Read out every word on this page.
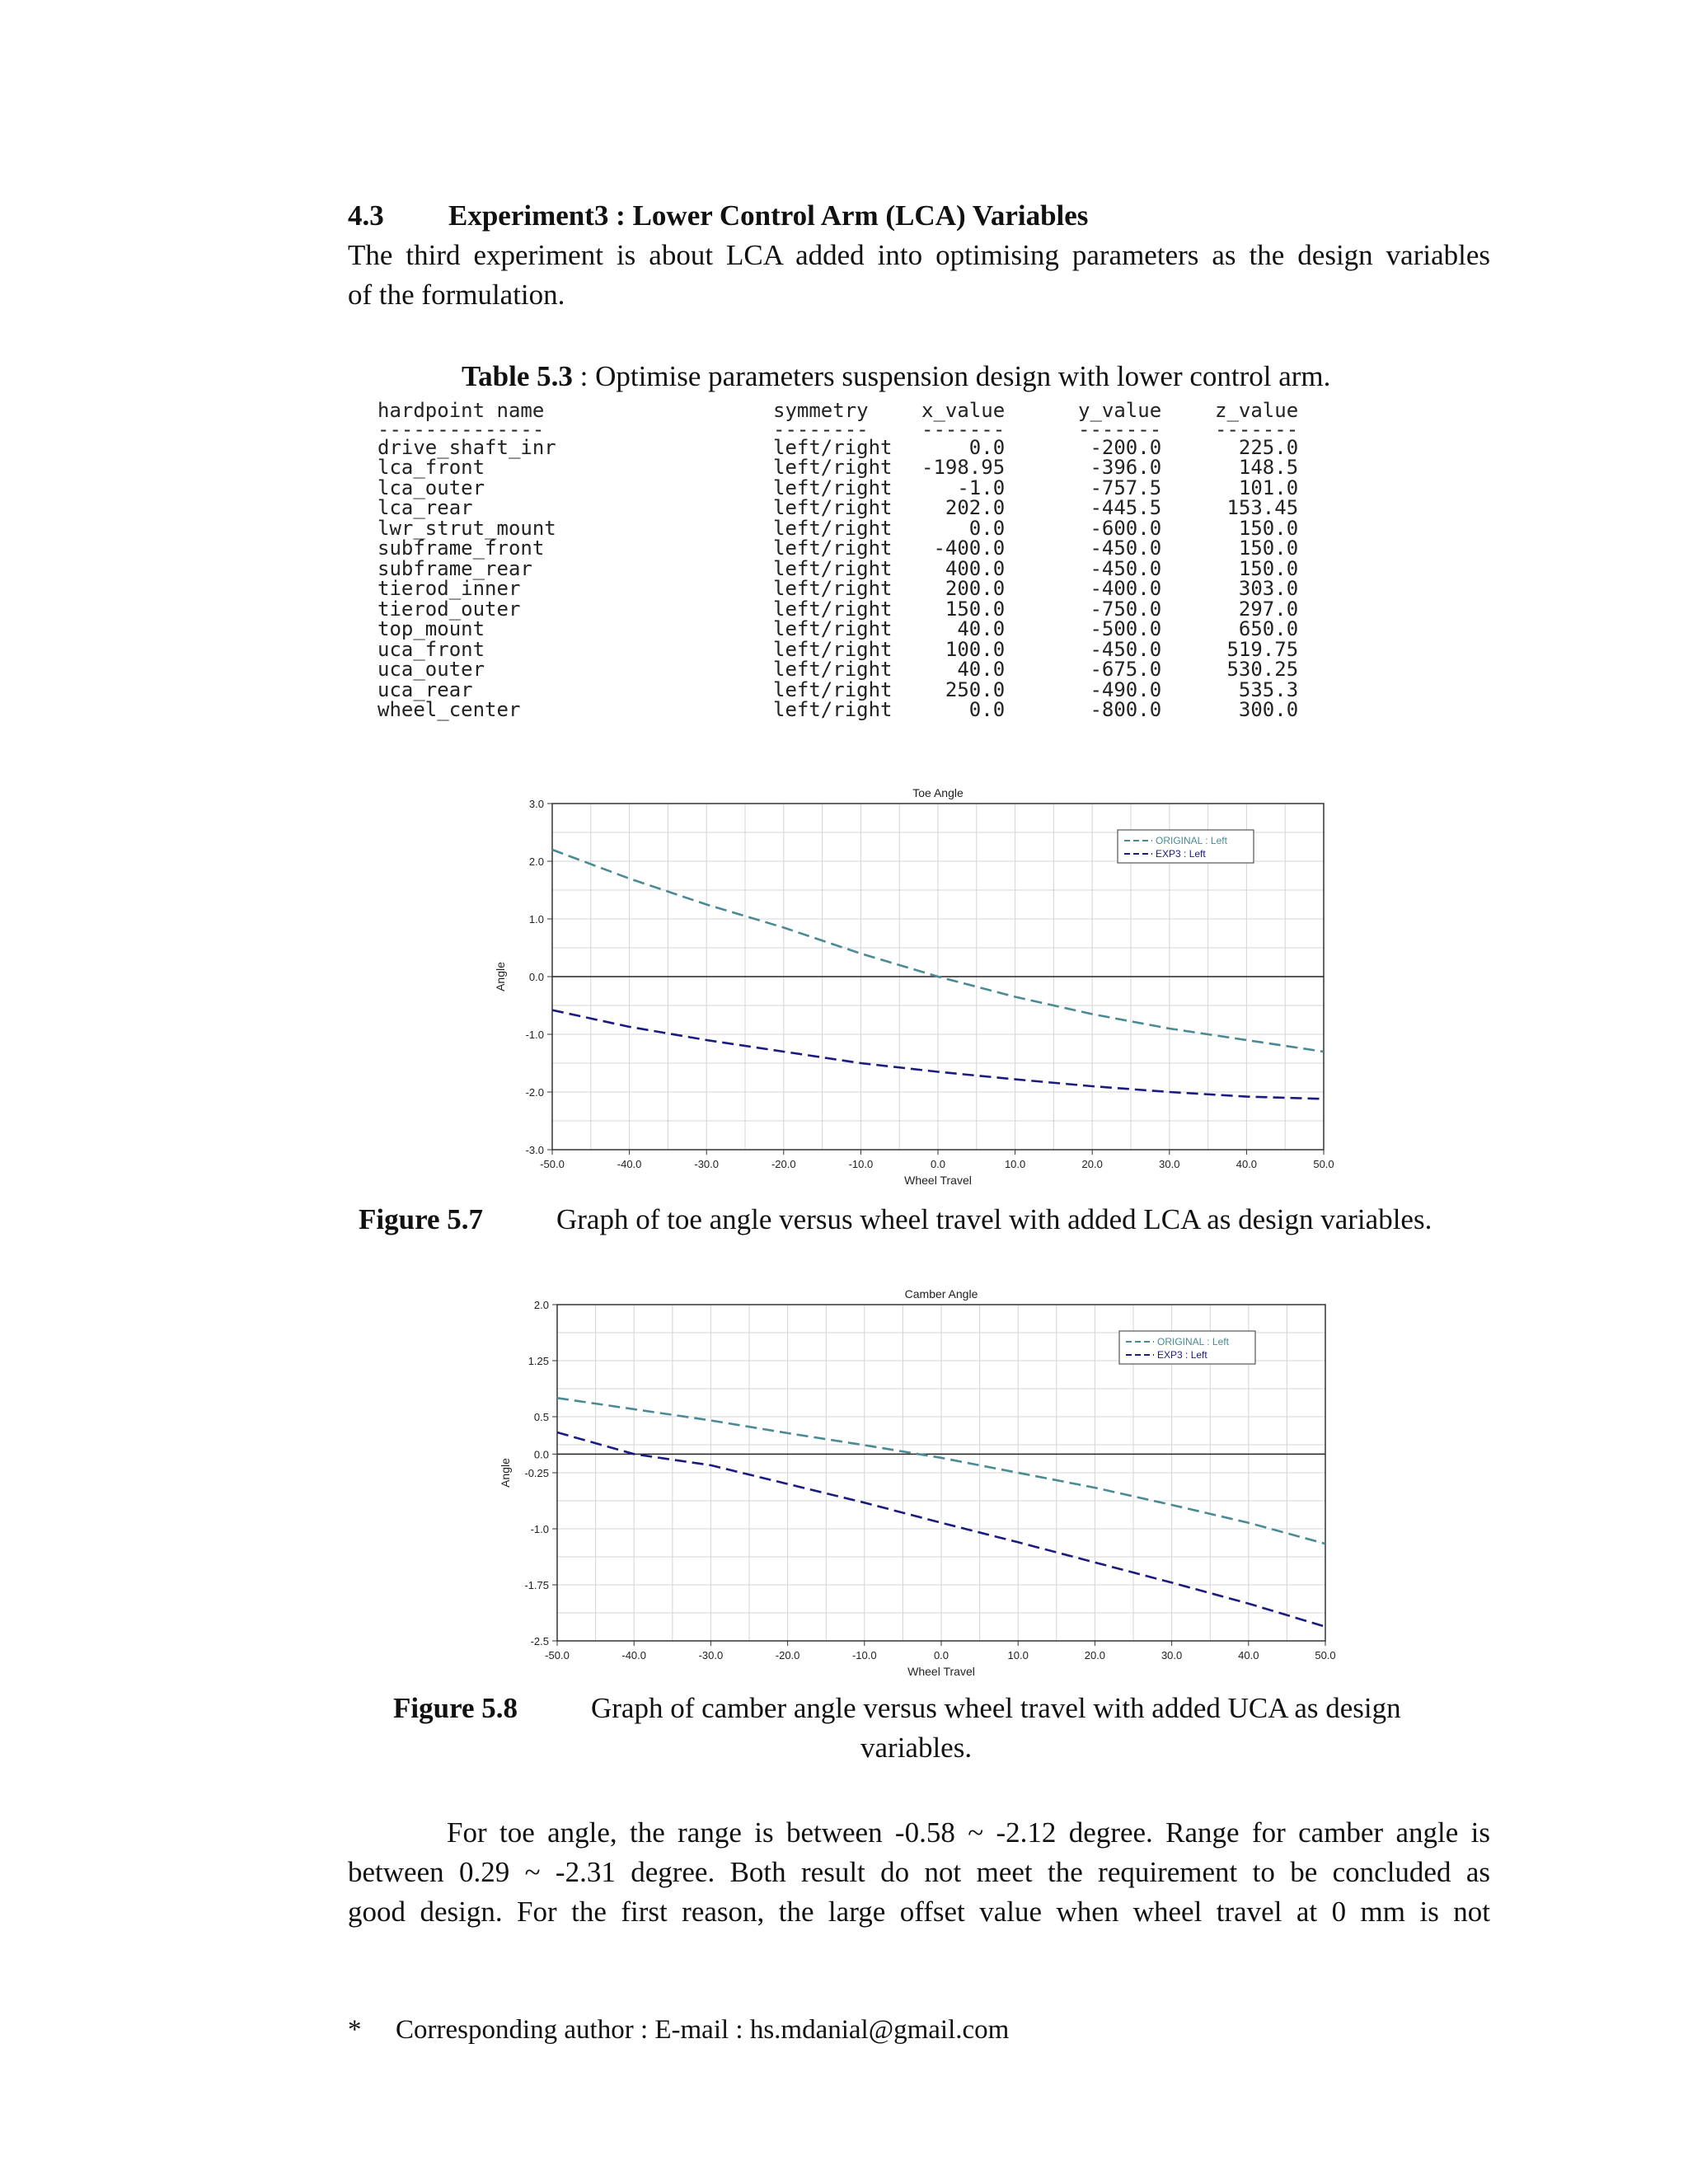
4.3 Experiment3 : Lower Control Arm (LCA) Variables
The third experiment is about LCA added into optimising parameters as the design variables
of the formulation.
Table 5.3 : Optimise parameters suspension design with lower control arm.
hardpoint name	symmetry	x_value	y_value	z_value
--------------	--------	-------	-------	-------
drive_shaft_inr	left/right	0.0	-200.0	225.0
lca_front	left/right	-198.95	-396.0	148.5
lca_outer	left/right	-1.0	-757.5	101.0
lca_rear	left/right	202.0	-445.5	153.45
lwr_strut_mount	left/right	0.0	-600.0	150.0
subframe_front	left/right	-400.0	-450.0	150.0
subframe_rear	left/right	400.0	-450.0	150.0
tierod_inner	left/right	200.0	-400.0	303.0
tierod_outer	left/right	150.0	-750.0	297.0
top_mount	left/right	40.0	-500.0	650.0
uca_front	left/right	100.0	-450.0	519.75
uca_outer	left/right	40.0	-675.0	530.25
uca_rear	left/right	250.0	-490.0	535.3
wheel_center	left/right	0.0	-800.0	300.0
-50.0	-40.0	-30.0	-20.0	-10.0	0.0	10.0	20.0	30.0	40.0	50.0
3.0
2.0
1.0
0.0
-1.0
-2.0
-3.0
Toe Angle
Wheel Travel
Angle
ORIGINAL : Left
EXP3 : Left
Figure 5.7	Graph of toe angle versus wheel travel with added LCA as design variables.
-50.0	-40.0	-30.0	-20.0	-10.0	0.0	10.0	20.0	30.0	40.0	50.0
2.0
1.25
0.5
0.0
-0.25
-1.0
-1.75
-2.5
Camber Angle
Wheel Travel
Angle
ORIGINAL : Left
EXP3 : Left
Figure 5.8	Graph of camber angle versus wheel travel with added UCA as design
variables.
For toe angle, the range is between -0.58 ~ -2.12 degree. Range for camber angle is
between 0.29 ~ -2.31 degree. Both result do not meet the requirement to be concluded as
good design. For the first reason, the large offset value when wheel travel at 0 mm is not
* Corresponding author : E-mail : hs.mdanial@gmail.com
